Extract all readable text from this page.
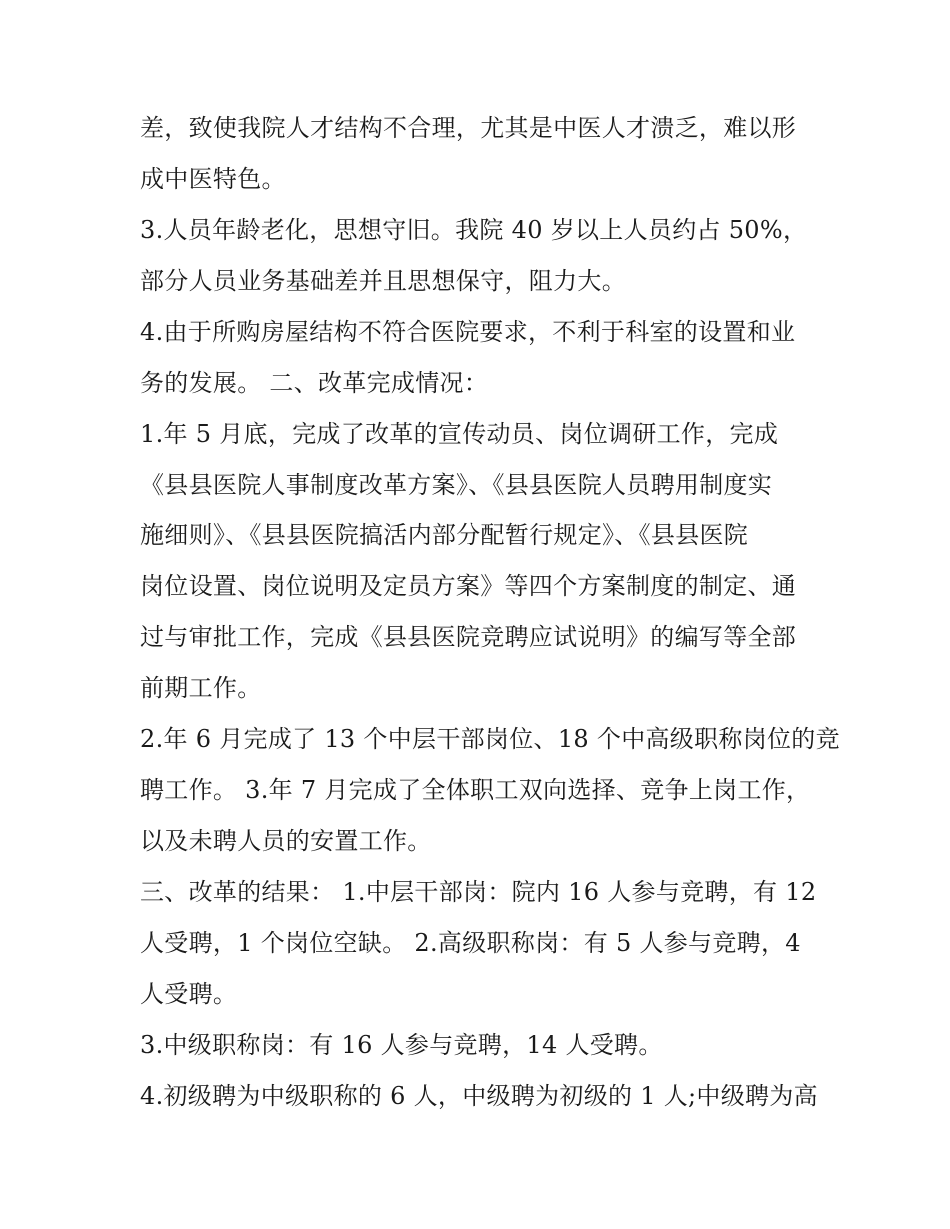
差，致使我院人才结构不合理，尤其是中医人才溃乏，难以形
成中医特色。
3.人员年龄老化，思想守旧。我院 40 岁以上人员约占 50%，
部分人员业务基础差并且思想保守，阻力大。
4.由于所购房屋结构不符合医院要求，不利于科室的设置和业
务的发展。 二、改革完成情况：
1.年 5 月底，完成了改革的宣传动员、岗位调研工作，完成
《县县医院人事制度改革方案》、《县县医院人员聘用制度实
施细则》、《县县医院搞活内部分配暂行规定》、《县县医院
岗位设置、岗位说明及定员方案》等四个方案制度的制定、通
过与审批工作，完成《县县医院竞聘应试说明》的编写等全部
前期工作。
2.年 6 月完成了 13 个中层干部岗位、18 个中高级职称岗位的竞
聘工作。 3.年 7 月完成了全体职工双向选择、竞争上岗工作，
以及未聘人员的安置工作。
三、改革的结果： 1.中层干部岗：院内 16 人参与竞聘，有 12
人受聘，1 个岗位空缺。 2.高级职称岗：有 5 人参与竞聘，4
人受聘。
3.中级职称岗：有 16 人参与竞聘，14 人受聘。
4.初级聘为中级职称的 6 人，中级聘为初级的 1 人;中级聘为高
